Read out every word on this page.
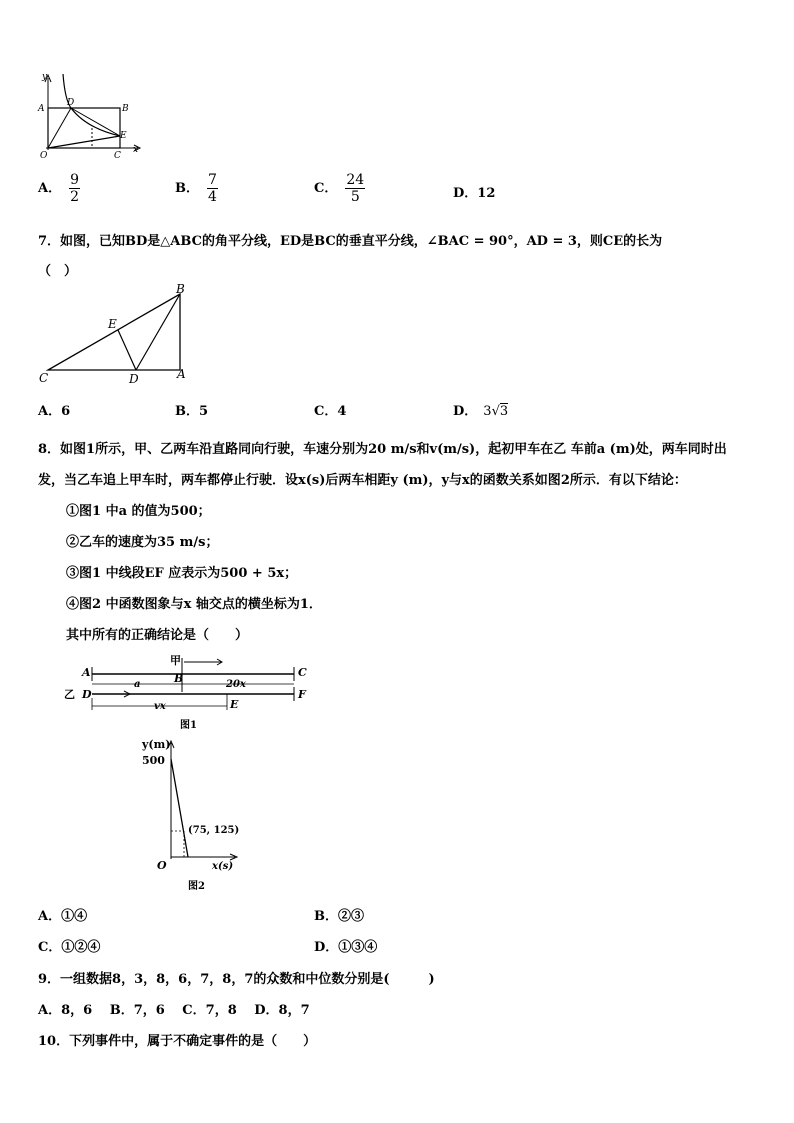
y
A
D
B
E
O	C
x
A． $\frac{9}{2}$	B． $\frac{7}{4}$	C． $\frac{24}{5}$	D．12
7．如图，已知BD是△ABC的角平分线，ED是BC的垂直平分线，∠BAC = 90°，AD = 3，则CE的长为
（　）
B
E
C	D	A
A．6	B．5	C．4	D． 3√3
8．如图1所示，甲、乙两车沿直路同向行驶，车速分别为20 m/s和v(m/s)，起初甲车在乙 车前a (m)处，两车同时出
发，当乙车追上甲车时，两车都停止行驶．设x(s)后两车相距y (m)，y与x的函数关系如图2所示．有以下结论：
①图1 中a 的值为500；
②乙车的速度为35 m/s；
③图1 中线段EF 应表示为500 + 5x；
④图2 中函数图象与x 轴交点的横坐标为1．
其中所有的正确结论是（　　）
甲
A	B	C
a	20x
乙 D	F
vx	E
图1
y(m)
500
(75, 125)
O	x(s)
图2
A．①④	B．②③
C．①②④	D．①③④
9．一组数据8，3，8，6，7，8，7的众数和中位数分别是(　　　)
A．8，6　 B．7，6　 C．7，8　 D．8，7
10．下列事件中，属于不确定事件的是（　　）
